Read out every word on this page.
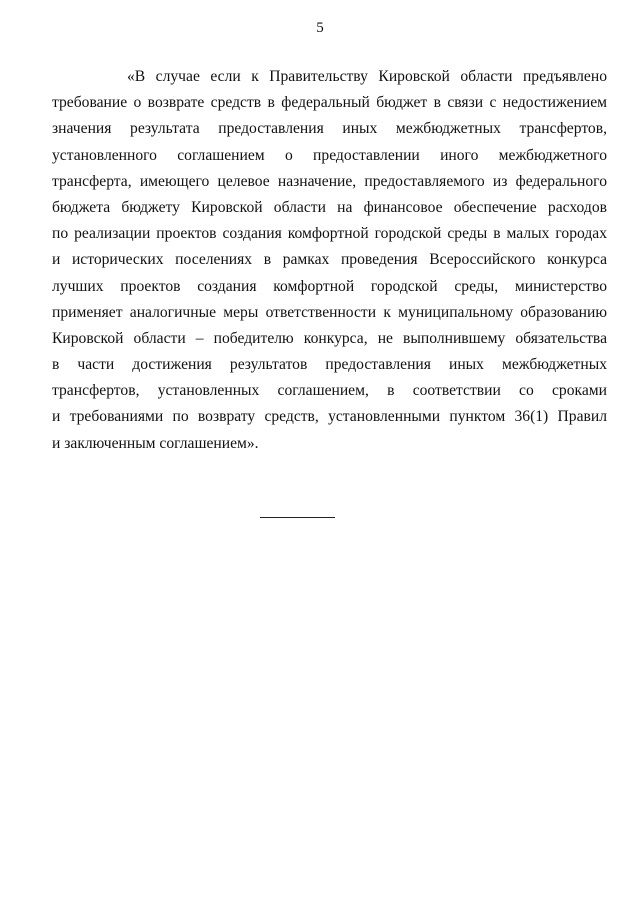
5
«В случае если к Правительству Кировской области предъявлено
требование о возврате средств в федеральный бюджет в связи с недостижением
значения результата предоставления иных межбюджетных трансфертов,
установленного соглашением о предоставлении иного межбюджетного
трансферта, имеющего целевое назначение, предоставляемого из федерального
бюджета бюджету Кировской области на финансовое обеспечение расходов
по реализации проектов создания комфортной городской среды в малых городах
и исторических поселениях в рамках проведения Всероссийского конкурса
лучших проектов создания комфортной городской среды, министерство
применяет аналогичные меры ответственности к муниципальному образованию
Кировской области – победителю конкурса, не выполнившему обязательства
в части достижения результатов предоставления иных межбюджетных
трансфертов, установленных соглашением, в соответствии со сроками
и требованиями по возврату средств, установленными пунктом 36(1) Правил
и заключенным соглашением».
